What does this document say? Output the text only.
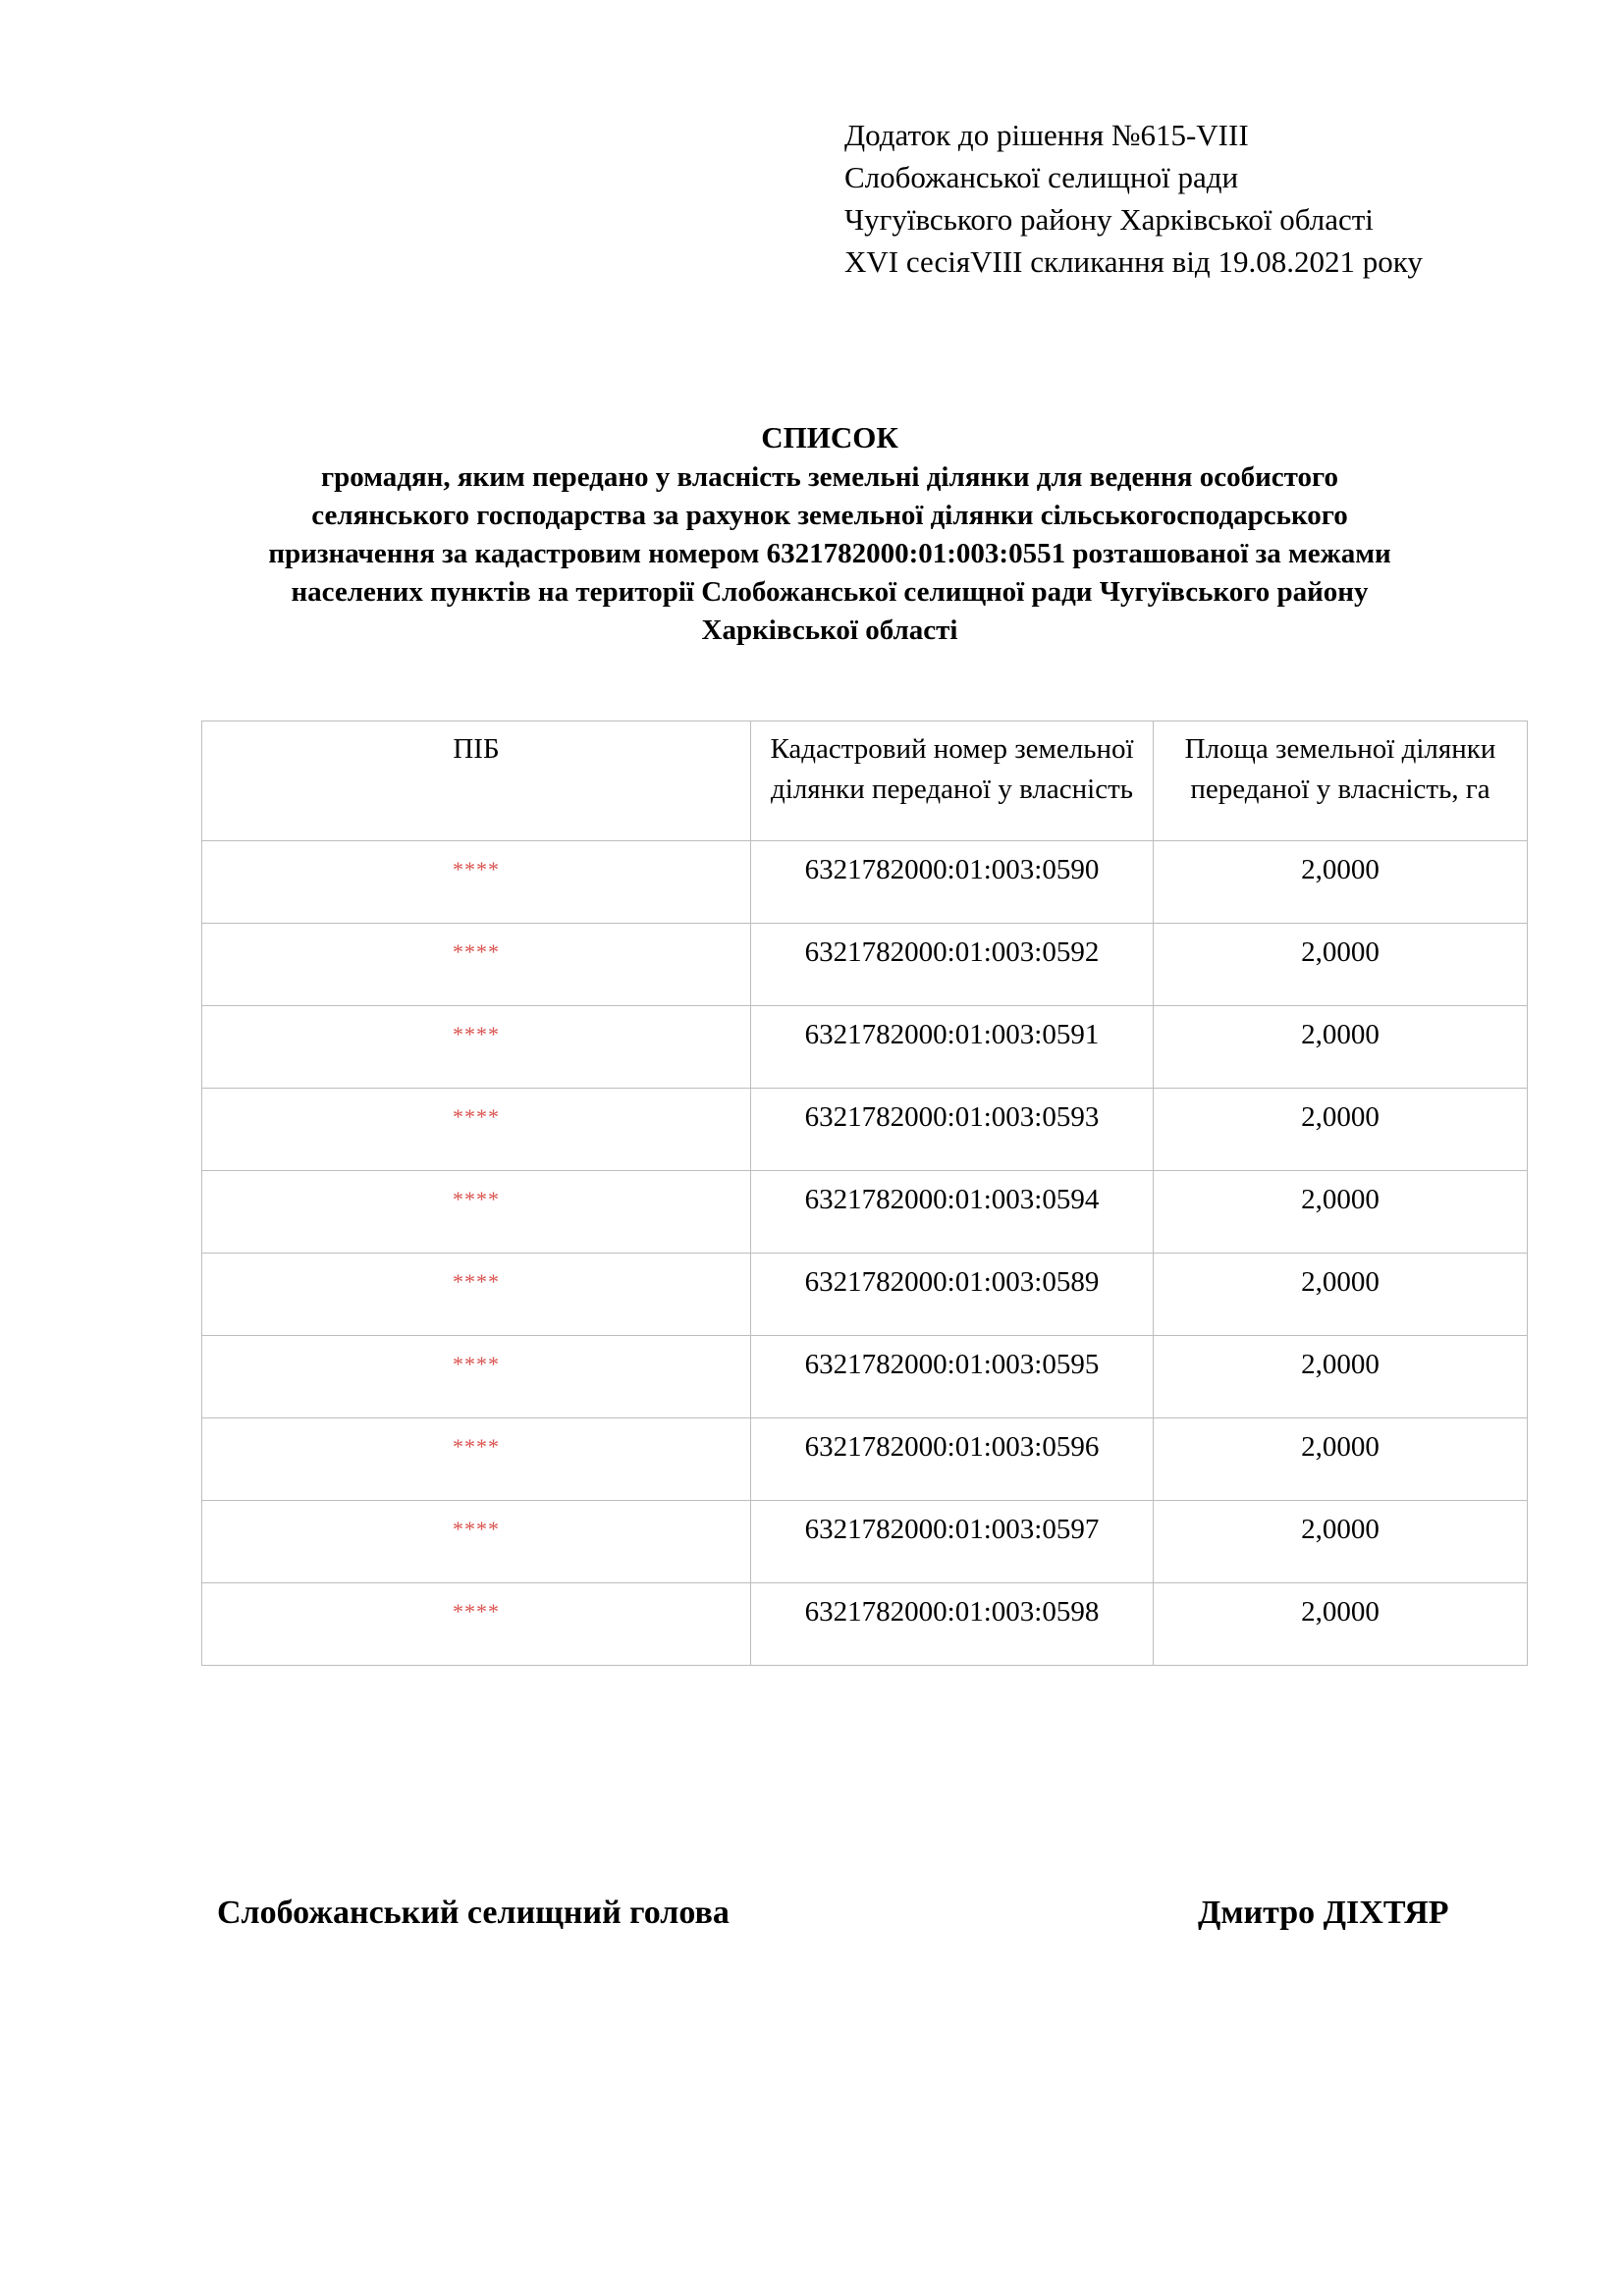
Додаток до рішення №615-VIII
Слобожанської селищної ради
Чугуївського району Харківської області
XVI сесіяVIII скликання від 19.08.2021 року
СПИСОК
громадян, яким передано у власність земельні ділянки для ведення особистого
селянського господарства за рахунок земельної ділянки сільськогосподарського
призначення за кадастровим номером 6321782000:01:003:0551 розташованої за межами
населених пунктів на території Слобожанської селищної ради Чугуївського району
Харківської області
ПІБ	Кадастровий номер земельної ділянки переданої у власність	Площа земельної ділянки переданої у власність, га
****	6321782000:01:003:0590	2,0000
****	6321782000:01:003:0592	2,0000
****	6321782000:01:003:0591	2,0000
****	6321782000:01:003:0593	2,0000
****	6321782000:01:003:0594	2,0000
****	6321782000:01:003:0589	2,0000
****	6321782000:01:003:0595	2,0000
****	6321782000:01:003:0596	2,0000
****	6321782000:01:003:0597	2,0000
****	6321782000:01:003:0598	2,0000
Слобожанський селищний голова	Дмитро ДІХТЯР
